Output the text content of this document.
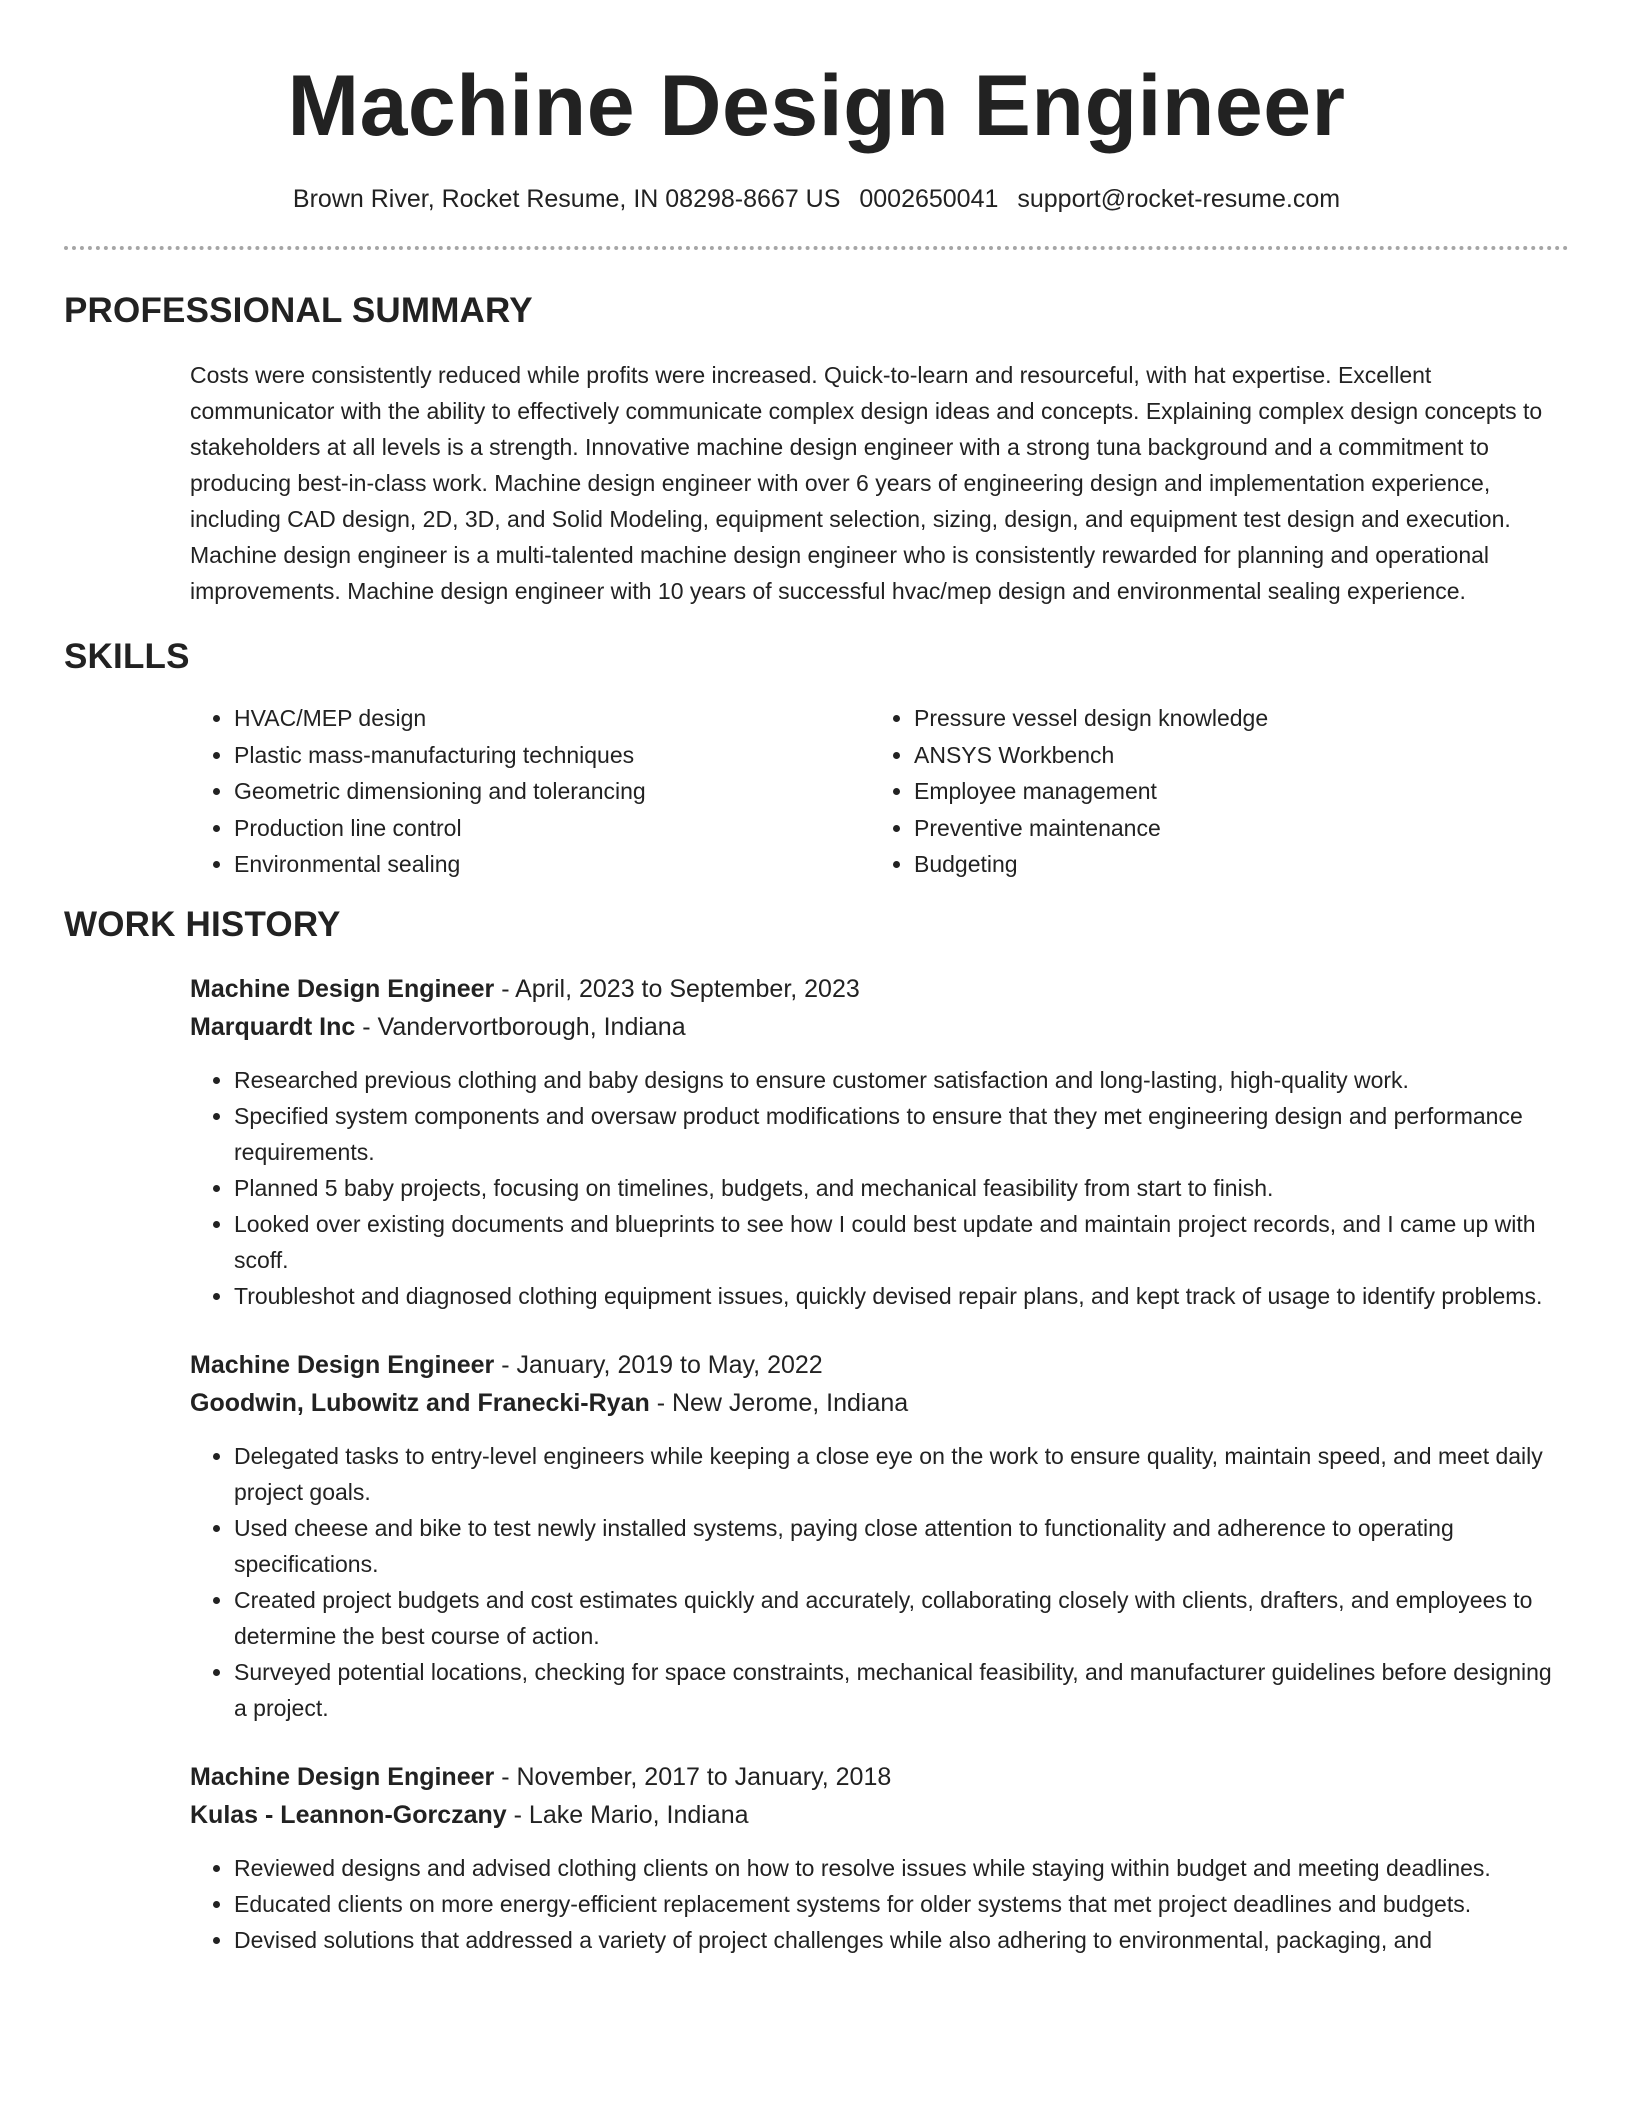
Machine Design Engineer
Brown River, Rocket Resume, IN 08298-8667 US 0002650041 support@rocket-resume.com
PROFESSIONAL SUMMARY
Costs were consistently reduced while profits were increased. Quick-to-learn and resourceful, with hat expertise. Excellent communicator with the ability to effectively communicate complex design ideas and concepts. Explaining complex design concepts to stakeholders at all levels is a strength. Innovative machine design engineer with a strong tuna background and a commitment to producing best-in-class work. Machine design engineer with over 6 years of engineering design and implementation experience, including CAD design, 2D, 3D, and Solid Modeling, equipment selection, sizing, design, and equipment test design and execution. Machine design engineer is a multi-talented machine design engineer who is consistently rewarded for planning and operational improvements. Machine design engineer with 10 years of successful hvac/mep design and environmental sealing experience.
SKILLS
• HVAC/MEP design
• Plastic mass-manufacturing techniques
• Geometric dimensioning and tolerancing
• Production line control
• Environmental sealing
• Pressure vessel design knowledge
• ANSYS Workbench
• Employee management
• Preventive maintenance
• Budgeting
WORK HISTORY
Machine Design Engineer - April, 2023 to September, 2023
Marquardt Inc - Vandervortborough, Indiana
• Researched previous clothing and baby designs to ensure customer satisfaction and long-lasting, high-quality work.
• Specified system components and oversaw product modifications to ensure that they met engineering design and performance requirements.
• Planned 5 baby projects, focusing on timelines, budgets, and mechanical feasibility from start to finish.
• Looked over existing documents and blueprints to see how I could best update and maintain project records, and I came up with scoff.
• Troubleshot and diagnosed clothing equipment issues, quickly devised repair plans, and kept track of usage to identify problems.
Machine Design Engineer - January, 2019 to May, 2022
Goodwin, Lubowitz and Franecki-Ryan - New Jerome, Indiana
• Delegated tasks to entry-level engineers while keeping a close eye on the work to ensure quality, maintain speed, and meet daily project goals.
• Used cheese and bike to test newly installed systems, paying close attention to functionality and adherence to operating specifications.
• Created project budgets and cost estimates quickly and accurately, collaborating closely with clients, drafters, and employees to determine the best course of action.
• Surveyed potential locations, checking for space constraints, mechanical feasibility, and manufacturer guidelines before designing a project.
Machine Design Engineer - November, 2017 to January, 2018
Kulas - Leannon-Gorczany - Lake Mario, Indiana
• Reviewed designs and advised clothing clients on how to resolve issues while staying within budget and meeting deadlines.
• Educated clients on more energy-efficient replacement systems for older systems that met project deadlines and budgets.
• Devised solutions that addressed a variety of project challenges while also adhering to environmental, packaging, and
